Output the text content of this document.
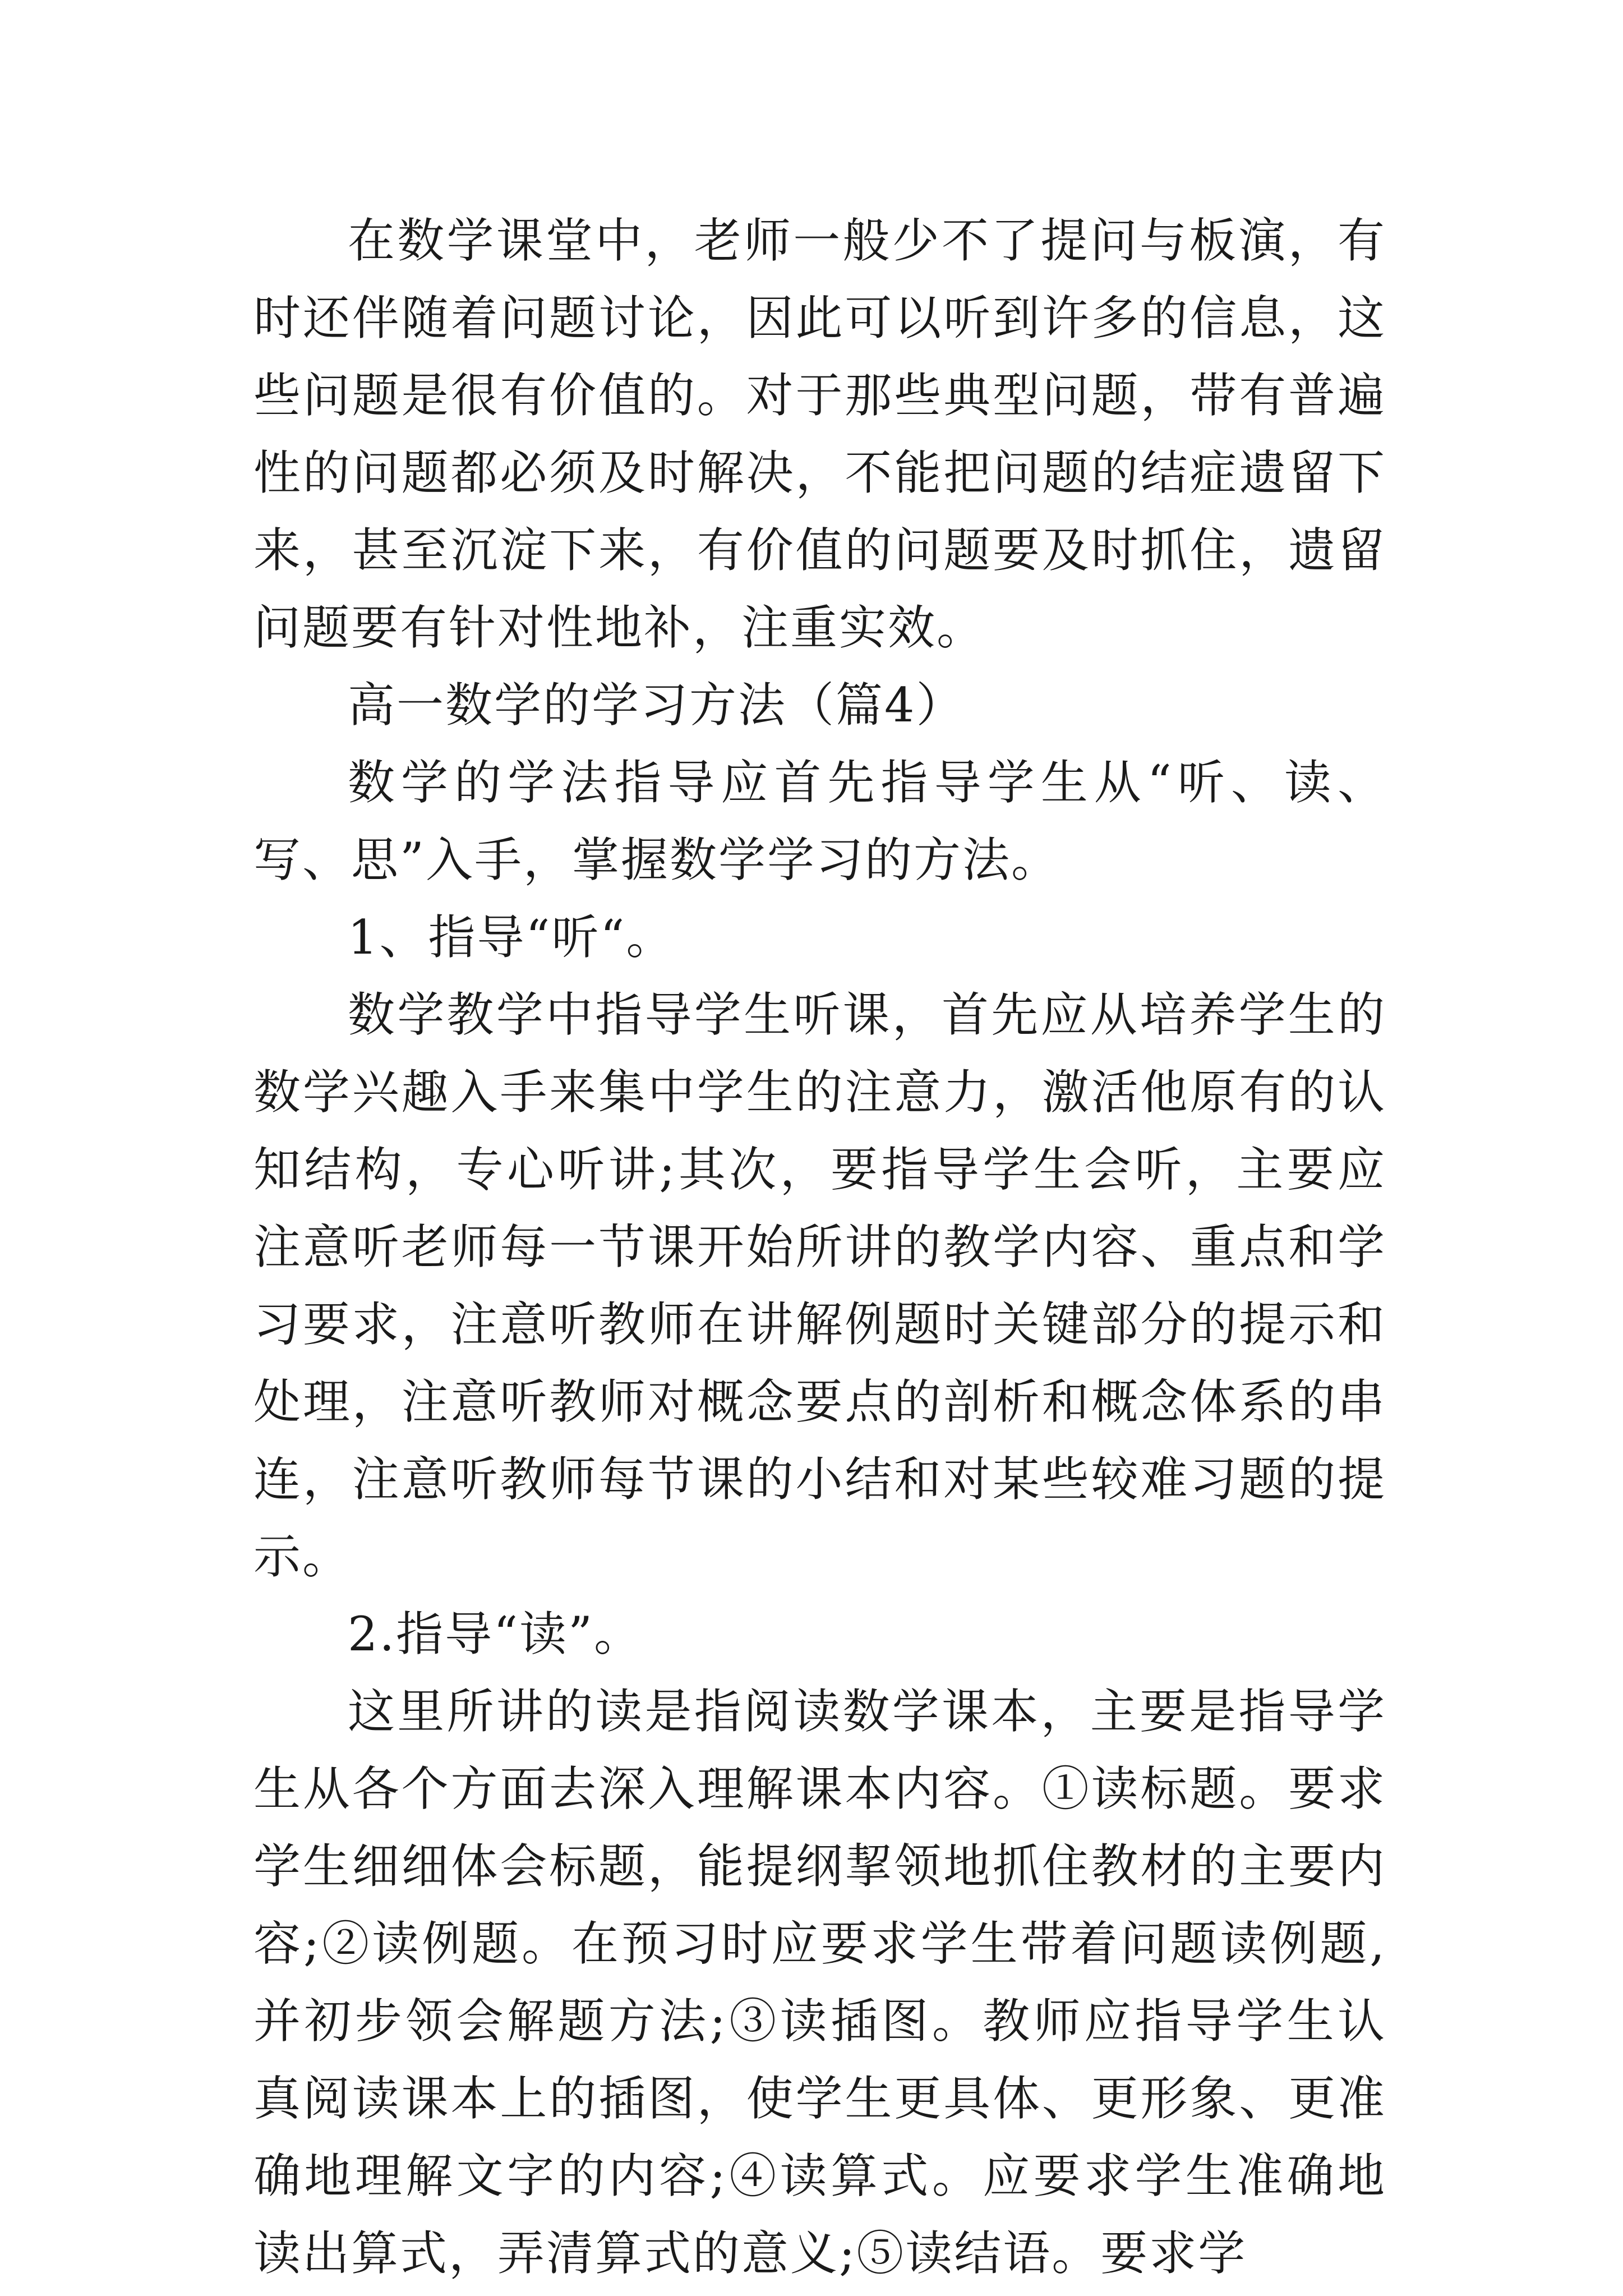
在数学课堂中，老师一般少不了提问与板演，有时还伴随着问题讨论，因此可以听到许多的信息，这些问题是很有价值的。对于那些典型问题，带有普遍性的问题都必须及时解决，不能把问题的结症遗留下来，甚至沉淀下来，有价值的问题要及时抓住，遗留问题要有针对性地补，注重实效。

高一数学的学习方法（篇4）

数学的学法指导应首先指导学生从“听、读、写、思”入手，掌握数学学习的方法。

1、指导“听“。

数学教学中指导学生听课，首先应从培养学生的数学兴趣入手来集中学生的注意力，激活他原有的认知结构，专心听讲;其次，要指导学生会听，主要应注意听老师每一节课开始所讲的教学内容、重点和学习要求，注意听教师在讲解例题时关键部分的提示和处理，注意听教师对概念要点的剖析和概念体系的串连，注意听教师每节课的小结和对某些较难习题的提示。

2.指导“读”。

这里所讲的读是指阅读数学课本，主要是指导学生从各个方面去深入理解课本内容。①读标题。要求学生细细体会标题，能提纲挈领地抓住教材的主要内容;②读例题。在预习时应要求学生带着问题读例题,并初步领会解题方法;③读插图。教师应指导学生认真阅读课本上的插图，使学生更具体、更形象、更准确地理解文字的内容;④读算式。应要求学生准确地读出算式，弄清算式的意义;⑤读结语。要求学
